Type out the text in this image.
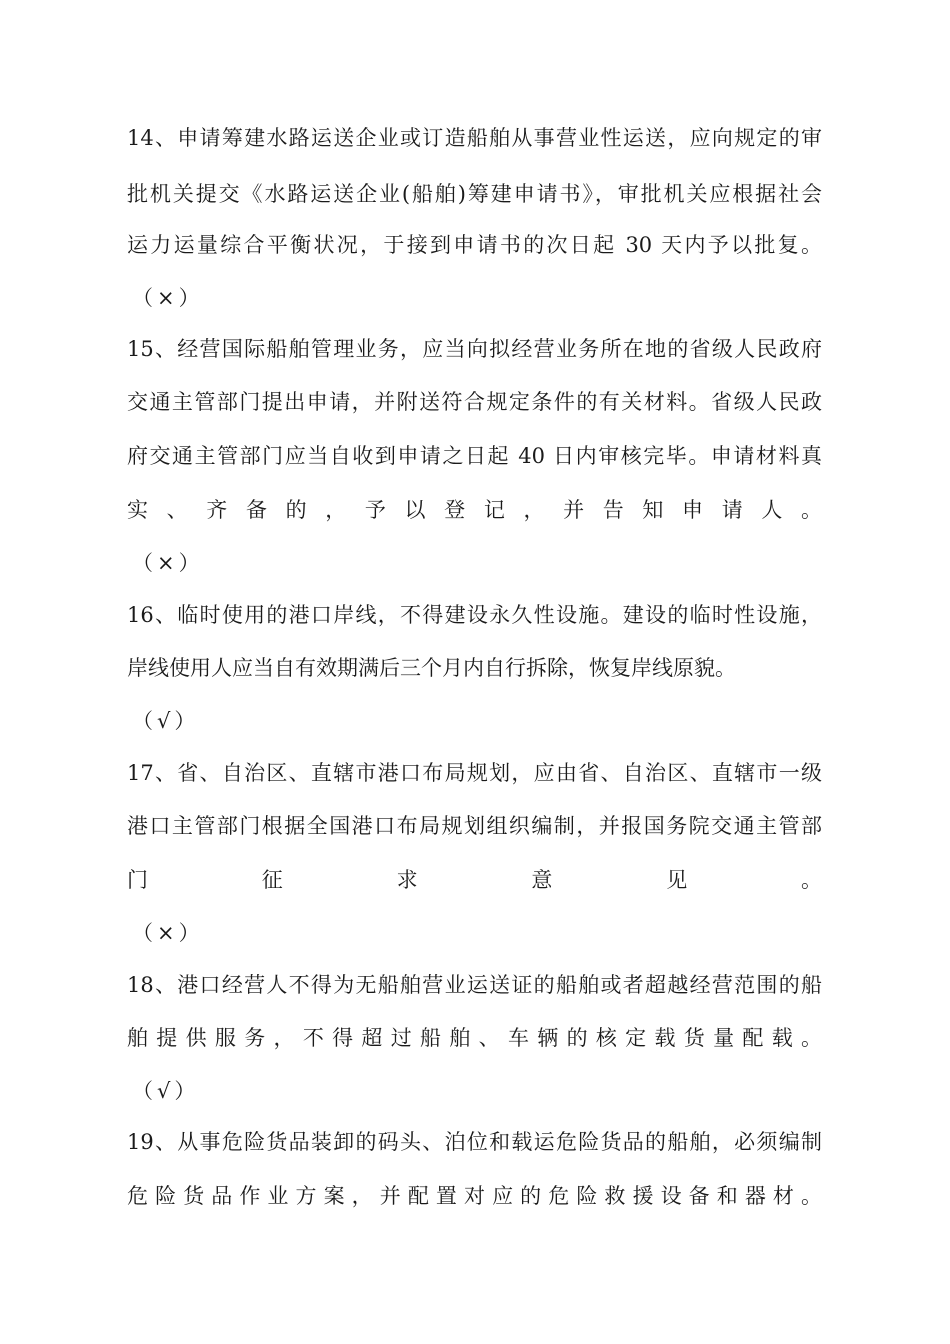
14、申请筹建水路运送企业或订造船舶从事营业性运送，应向规定的审
批机关提交《水路运送企业(船舶)筹建申请书》，审批机关应根据社会
运力运量综合平衡状况，于接到申请书的次日起 30 天内予以批复。
（×）
15、经营国际船舶管理业务，应当向拟经营业务所在地的省级人民政府
交通主管部门提出申请，并附送符合规定条件的有关材料。省级人民政
府交通主管部门应当自收到申请之日起 40 日内审核完毕。申请材料真
实、齐备的，予以登记，并告知申请人。
（×）
16、临时使用的港口岸线，不得建设永久性设施。建设的临时性设施，
岸线使用人应当自有效期满后三个月内自行拆除，恢复岸线原貌。
（√）
17、省、自治区、直辖市港口布局规划，应由省、自治区、直辖市一级
港口主管部门根据全国港口布局规划组织编制，并报国务院交通主管部
门征求意见。
（×）
18、港口经营人不得为无船舶营业运送证的船舶或者超越经营范围的船
舶提供服务，不得超过船舶、车辆的核定载货量配载。
（√）
19、从事危险货品装卸的码头、泊位和载运危险货品的船舶，必须编制
危险货品作业方案，并配置对应的危险救援设备和器材。
